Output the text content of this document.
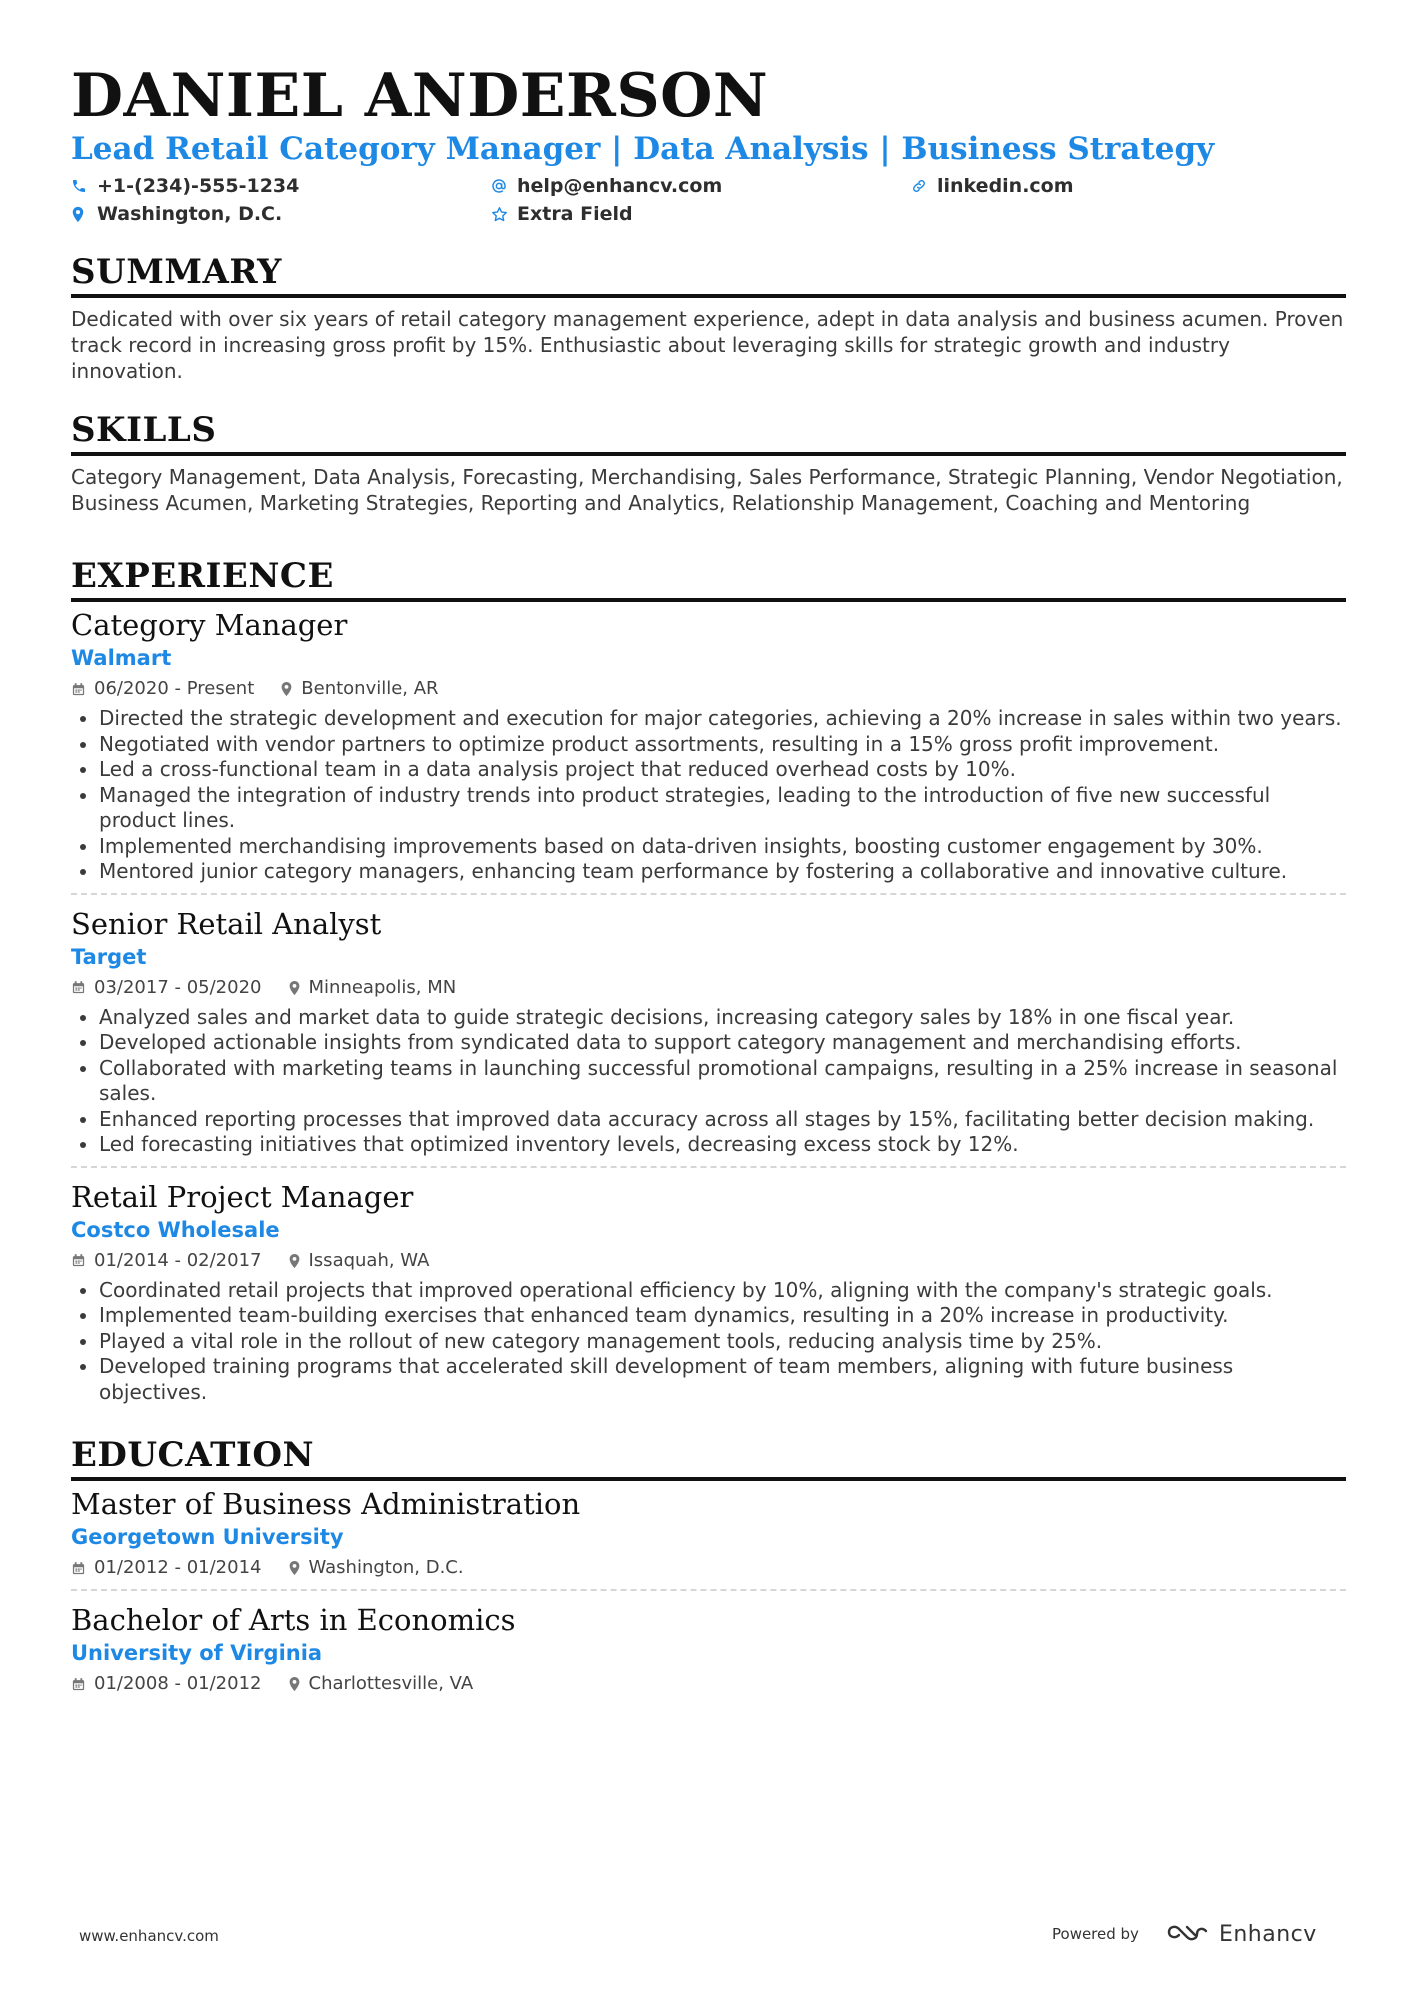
DANIEL ANDERSON
Lead Retail Category Manager | Data Analysis | Business Strategy
+1-(234)-555-1234	help@enhancv.com	linkedin.com
Washington, D.C.	Extra Field
SUMMARY
Dedicated with over six years of retail category management experience, adept in data analysis and business acumen. Proven track record in increasing gross profit by 15%. Enthusiastic about leveraging skills for strategic growth and industry innovation.
SKILLS
Category Management, Data Analysis, Forecasting, Merchandising, Sales Performance, Strategic Planning, Vendor Negotiation, Business Acumen, Marketing Strategies, Reporting and Analytics, Relationship Management, Coaching and Mentoring
EXPERIENCE
Category Manager
Walmart
06/2020 - Present	Bentonville, AR
• Directed the strategic development and execution for major categories, achieving a 20% increase in sales within two years.
• Negotiated with vendor partners to optimize product assortments, resulting in a 15% gross profit improvement.
• Led a cross-functional team in a data analysis project that reduced overhead costs by 10%.
• Managed the integration of industry trends into product strategies, leading to the introduction of five new successful product lines.
• Implemented merchandising improvements based on data-driven insights, boosting customer engagement by 30%.
• Mentored junior category managers, enhancing team performance by fostering a collaborative and innovative culture.
Senior Retail Analyst
Target
03/2017 - 05/2020	Minneapolis, MN
• Analyzed sales and market data to guide strategic decisions, increasing category sales by 18% in one fiscal year.
• Developed actionable insights from syndicated data to support category management and merchandising efforts.
• Collaborated with marketing teams in launching successful promotional campaigns, resulting in a 25% increase in seasonal sales.
• Enhanced reporting processes that improved data accuracy across all stages by 15%, facilitating better decision making.
• Led forecasting initiatives that optimized inventory levels, decreasing excess stock by 12%.
Retail Project Manager
Costco Wholesale
01/2014 - 02/2017	Issaquah, WA
• Coordinated retail projects that improved operational efficiency by 10%, aligning with the company's strategic goals.
• Implemented team-building exercises that enhanced team dynamics, resulting in a 20% increase in productivity.
• Played a vital role in the rollout of new category management tools, reducing analysis time by 25%.
• Developed training programs that accelerated skill development of team members, aligning with future business objectives.
EDUCATION
Master of Business Administration
Georgetown University
01/2012 - 01/2014	Washington, D.C.
Bachelor of Arts in Economics
University of Virginia
01/2008 - 01/2012	Charlottesville, VA
www.enhancv.com	Powered by	Enhancv
